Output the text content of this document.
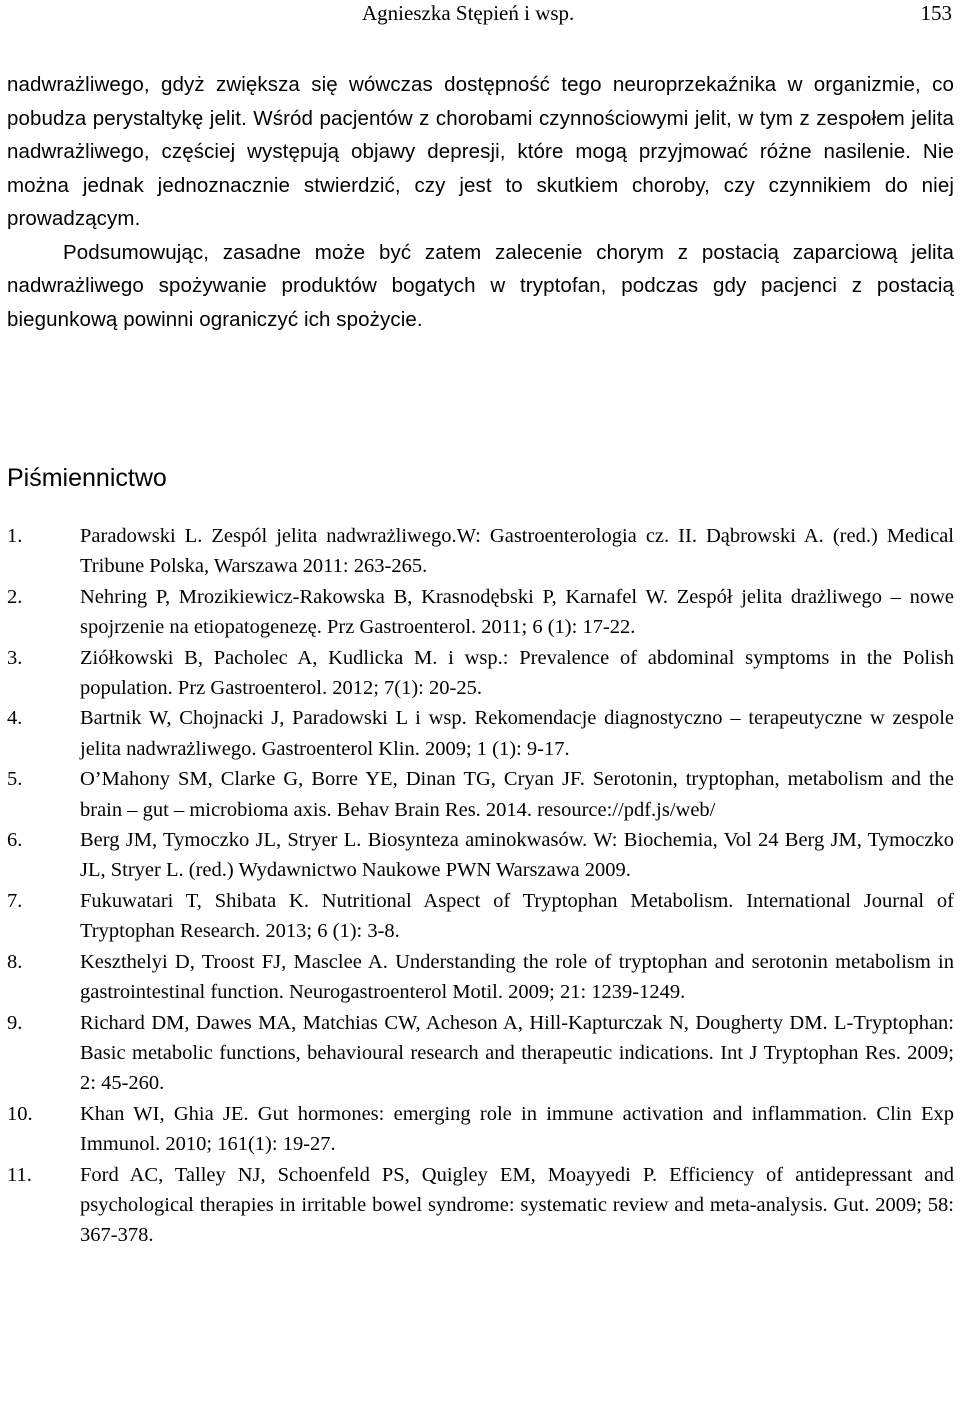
Agnieszka Stępień i wsp.	153

nadwrażliwego, gdyż zwiększa się wówczas dostępność tego neuroprzekaźnika w organizmie, co pobudza perystaltykę jelit. Wśród pacjentów z chorobami czynnościowymi jelit, w tym z zespołem jelita nadwrażliwego, częściej występują objawy depresji, które mogą przyjmować różne nasilenie. Nie można jednak jednoznacznie stwierdzić, czy jest to skutkiem choroby, czy czynnikiem do niej prowadzącym.

Podsumowując, zasadne może być zatem zalecenie chorym z postacią zaparciową jelita nadwrażliwego spożywanie produktów bogatych w tryptofan, podczas gdy pacjenci z postacią biegunkową powinni ograniczyć ich spożycie.

Piśmiennictwo
1.	Paradowski L. Zespól jelita nadwrażliwego.W: Gastroenterologia cz. II. Dąbrowski A. (red.) Medical Tribune Polska, Warszawa 2011: 263-265.
2.	Nehring P, Mrozikiewicz-Rakowska B, Krasnodębski P, Karnafel W. Zespół jelita drażliwego – nowe spojrzenie na etiopatogenezę. Prz Gastroenterol. 2011; 6 (1): 17-22.
3.	Ziółkowski B, Pacholec A, Kudlicka M. i wsp.: Prevalence of abdominal symptoms in the Polish population. Prz Gastroenterol. 2012; 7(1): 20-25.
4.	Bartnik W, Chojnacki J, Paradowski L i wsp. Rekomendacje diagnostyczno – terapeutyczne w zespole jelita nadwrażliwego. Gastroenterol Klin. 2009; 1 (1): 9-17.
5.	O’Mahony SM, Clarke G, Borre YE, Dinan TG, Cryan JF. Serotonin, tryptophan, metabolism and the brain – gut – microbioma axis. Behav Brain Res. 2014. resource://pdf.js/web/
6.	Berg JM, Tymoczko JL, Stryer L. Biosynteza aminokwasów. W: Biochemia, Vol 24 Berg JM, Tymoczko JL, Stryer L. (red.) Wydawnictwo Naukowe PWN Warszawa 2009.
7.	Fukuwatari T, Shibata K. Nutritional Aspect of Tryptophan Metabolism. International Journal of Tryptophan Research. 2013; 6 (1): 3-8.
8.	Keszthelyi D, Troost FJ, Masclee A. Understanding the role of tryptophan and serotonin metabolism in gastrointestinal function. Neurogastroenterol Motil. 2009; 21: 1239-1249.
9.	Richard DM, Dawes MA, Matchias CW, Acheson A, Hill-Kapturczak N, Dougherty DM. L-Tryptophan: Basic metabolic functions, behavioural research and therapeutic indications. Int J Tryptophan Res. 2009; 2: 45-260.
10. Khan WI, Ghia JE. Gut hormones: emerging role in immune activation and inflammation. Clin Exp Immunol. 2010; 161(1): 19-27.
11. Ford AC, Talley NJ, Schoenfeld PS, Quigley EM, Moayyedi P. Efficiency of antidepressant and psychological therapies in irritable bowel syndrome: systematic review and meta-analysis. Gut. 2009; 58: 367-378.
